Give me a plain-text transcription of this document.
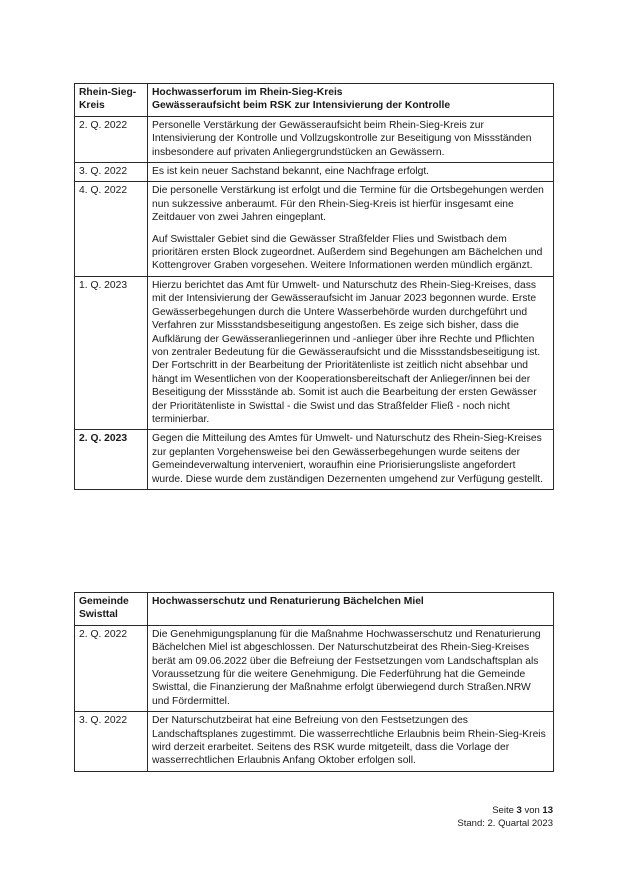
Rhein-Sieg-Kreis	Hochwasserforum im Rhein-Sieg-Kreis
Gewässeraufsicht beim RSK zur Intensivierung der Kontrolle

2. Q. 2022	Personelle Verstärkung der Gewässeraufsicht beim Rhein-Sieg-Kreis zur Intensivierung der Kontrolle und Vollzugskontrolle zur Beseitigung von Missständen insbesondere auf privaten Anliegergrundstücken an Gewässern.

3. Q. 2022	Es ist kein neuer Sachstand bekannt, eine Nachfrage erfolgt.

4. Q. 2022	Die personelle Verstärkung ist erfolgt und die Termine für die Ortsbegehungen werden nun sukzessive anberaumt. Für den Rhein-Sieg-Kreis ist hierfür insgesamt eine Zeitdauer von zwei Jahren eingeplant.
Auf Swisttaler Gebiet sind die Gewässer Straßfelder Flies und Swistbach dem prioritären ersten Block zugeordnet. Außerdem sind Begehungen am Bächelchen und Kottengrover Graben vorgesehen. Weitere Informationen werden mündlich ergänzt.

1. Q. 2023	Hierzu berichtet das Amt für Umwelt- und Naturschutz des Rhein-Sieg-Kreises, dass mit der Intensivierung der Gewässeraufsicht im Januar 2023 begonnen wurde. Erste Gewässerbegehungen durch die Untere Wasserbehörde wurden durchgeführt und Verfahren zur Missstandsbeseitigung angestoßen. Es zeige sich bisher, dass die Aufklärung der Gewässeranliegerinnen und -anlieger über ihre Rechte und Pflichten von zentraler Bedeutung für die Gewässeraufsicht und die Missstandsbeseitigung ist. Der Fortschritt in der Bearbeitung der Prioritätenliste ist zeitlich nicht absehbar und hängt im Wesentlichen von der Kooperationsbereitschaft der Anlieger/innen bei der Beseitigung der Missstände ab. Somit ist auch die Bearbeitung der ersten Gewässer der Prioritätenliste in Swisttal - die Swist und das Straßfelder Fließ - noch nicht terminierbar.

2. Q. 2023	Gegen die Mitteilung des Amtes für Umwelt- und Naturschutz des Rhein-Sieg-Kreises zur geplanten Vorgehensweise bei den Gewässerbegehungen wurde seitens der Gemeindeverwaltung interveniert, woraufhin eine Priorisierungsliste angefordert wurde. Diese wurde dem zuständigen Dezernenten umgehend zur Verfügung gestellt.
Gemeinde Swisttal	Hochwasserschutz und Renaturierung Bächelchen Miel

2. Q. 2022	Die Genehmigungsplanung für die Maßnahme Hochwasserschutz und Renaturierung Bächelchen Miel ist abgeschlossen. Der Naturschutzbeirat des Rhein-Sieg-Kreises berät am 09.06.2022 über die Befreiung der Festsetzungen vom Landschaftsplan als Voraussetzung für die weitere Genehmigung. Die Federführung hat die Gemeinde Swisttal, die Finanzierung der Maßnahme erfolgt überwiegend durch Straßen.NRW und Fördermittel.

3. Q. 2022	Der Naturschutzbeirat hat eine Befreiung von den Festsetzungen des Landschaftsplanes zugestimmt. Die wasserrechtliche Erlaubnis beim Rhein-Sieg-Kreis wird derzeit erarbeitet. Seitens des RSK wurde mitgeteilt, dass die Vorlage der wasserrechtlichen Erlaubnis Anfang Oktober erfolgen soll.
Seite 3 von 13
Stand: 2. Quartal 2023
